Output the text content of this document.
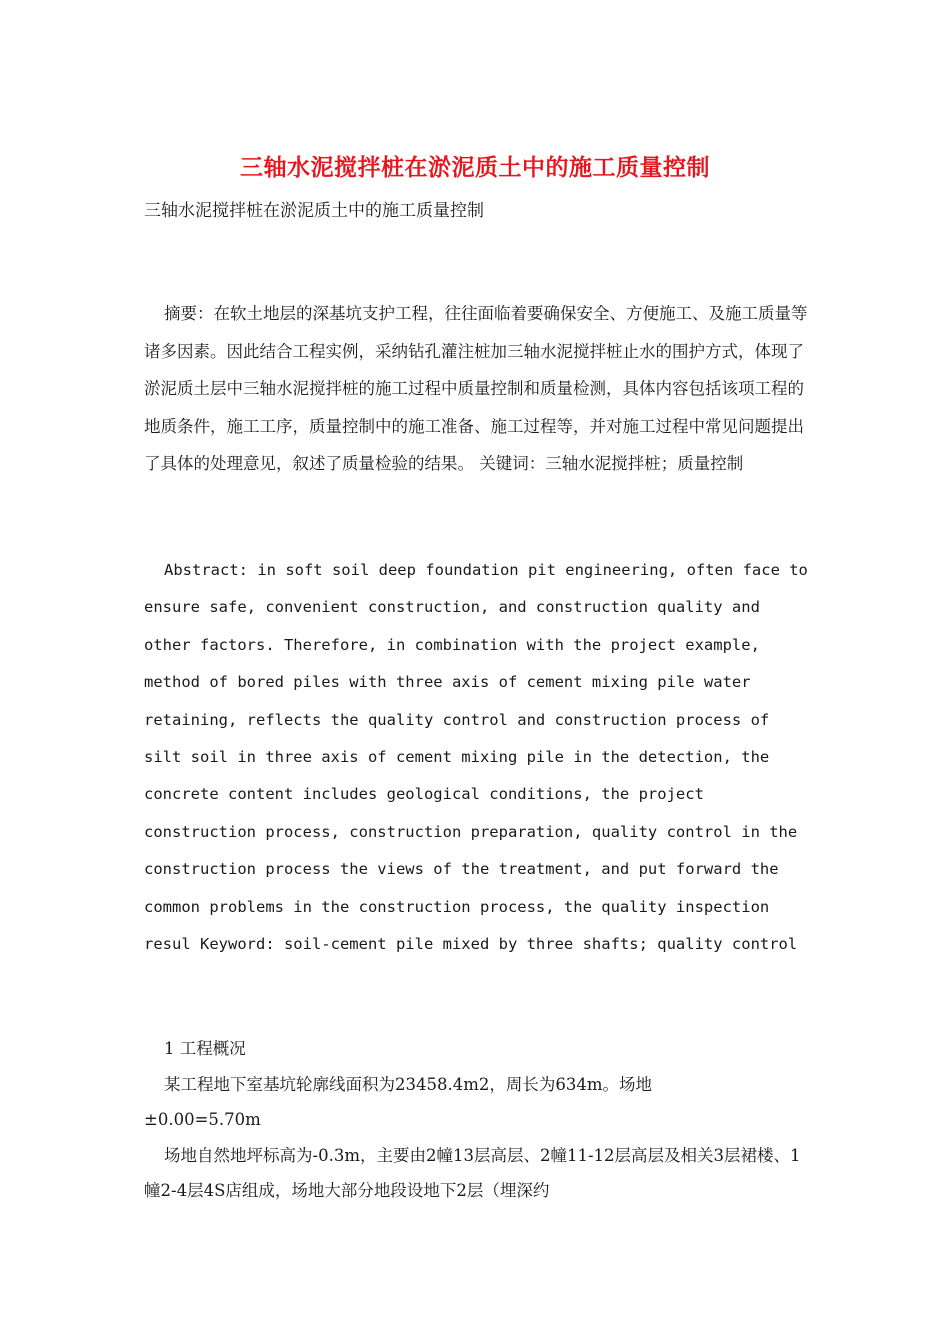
三轴水泥搅拌桩在淤泥质土中的施工质量控制
三轴水泥搅拌桩在淤泥质土中的施工质量控制

摘要：在软土地层的深基坑支护工程，往往面临着要确保安全、方便施工、及施工质量等诸多因素。因此结合工程实例，采纳钻孔灌注桩加三轴水泥搅拌桩止水的围护方式，体现了淤泥质土层中三轴水泥搅拌桩的施工过程中质量控制和质量检测，具体内容包括该项工程的地质条件，施工工序，质量控制中的施工准备、施工过程等，并对施工过程中常见问题提出了具体的处理意见，叙述了质量检验的结果。 关键词：三轴水泥搅拌桩；质量控制

Abstract: in soft soil deep foundation pit engineering, often face to ensure safe, convenient construction, and construction quality and other factors. Therefore, in combination with the project example, method of bored piles with three axis of cement mixing pile water retaining, reflects the quality control and construction process of silt soil in three axis of cement mixing pile in the detection, the concrete content includes geological conditions, the project construction process, construction preparation, quality control in the construction process the views of the treatment, and put forward the common problems in the construction process, the quality inspection resul Keyword: soil-cement pile mixed by three shafts; quality control

1 工程概况
某工程地下室基坑轮廓线面积为23458.4m2，周长为634m。场地
±0.00=5.70m
场地自然地坪标高为-0.3m，主要由2幢13层高层、2幢11-12层高层及相关3层裙楼、1幢2-4层4S店组成，场地大部分地段设地下2层（埋深约
